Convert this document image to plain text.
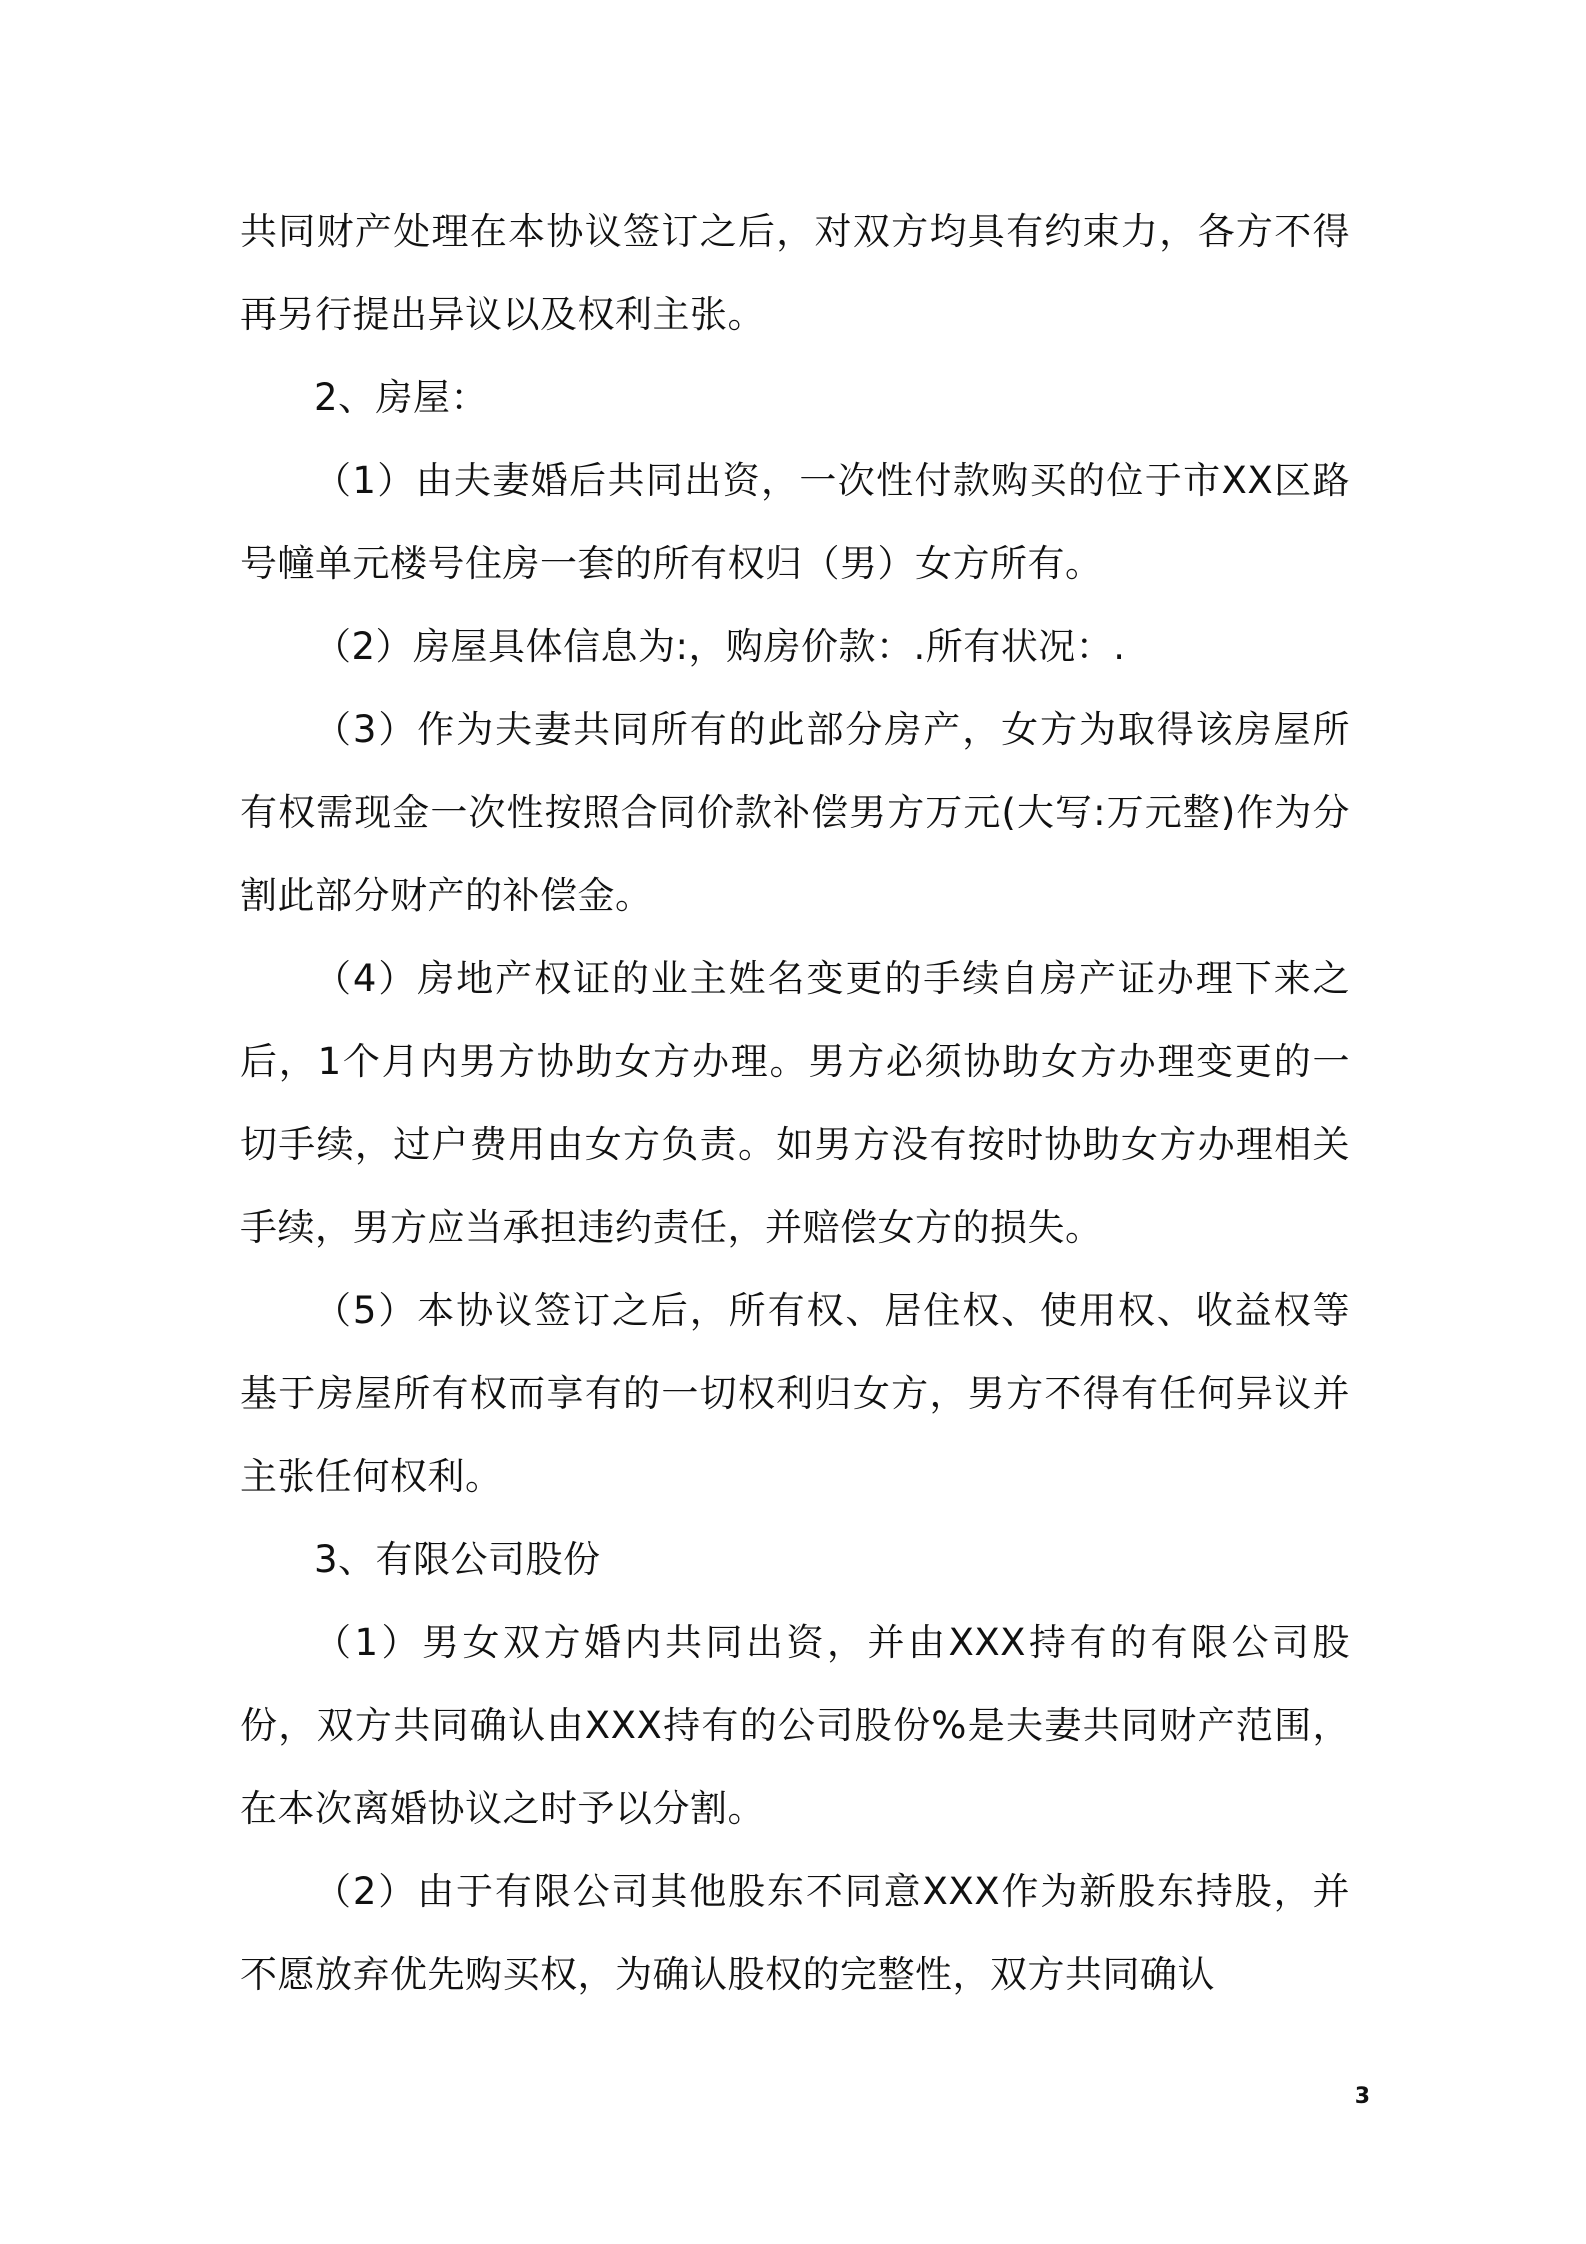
共同财产处理在本协议签订之后，对双方均具有约束力，各方不得再另行提出异议以及权利主张。

2、房屋：

（1）由夫妻婚后共同出资，一次性付款购买的位于市XX区路号幢单元楼号住房一套的所有权归（男）女方所有。

（2）房屋具体信息为:，购房价款：.所有状况：.

（3）作为夫妻共同所有的此部分房产，女方为取得该房屋所有权需现金一次性按照合同价款补偿男方万元(大写:万元整)作为分割此部分财产的补偿金。

（4）房地产权证的业主姓名变更的手续自房产证办理下来之后，1个月内男方协助女方办理。男方必须协助女方办理变更的一切手续，过户费用由女方负责。如男方没有按时协助女方办理相关手续，男方应当承担违约责任，并赔偿女方的损失。

（5）本协议签订之后，所有权、居住权、使用权、收益权等基于房屋所有权而享有的一切权利归女方，男方不得有任何异议并主张任何权利。

3、有限公司股份

（1）男女双方婚内共同出资，并由XXX持有的有限公司股份，双方共同确认由XXX持有的公司股份%是夫妻共同财产范围，在本次离婚协议之时予以分割。

（2）由于有限公司其他股东不同意XXX作为新股东持股，并不愿放弃优先购买权，为确认股权的完整性，双方共同确认

3
